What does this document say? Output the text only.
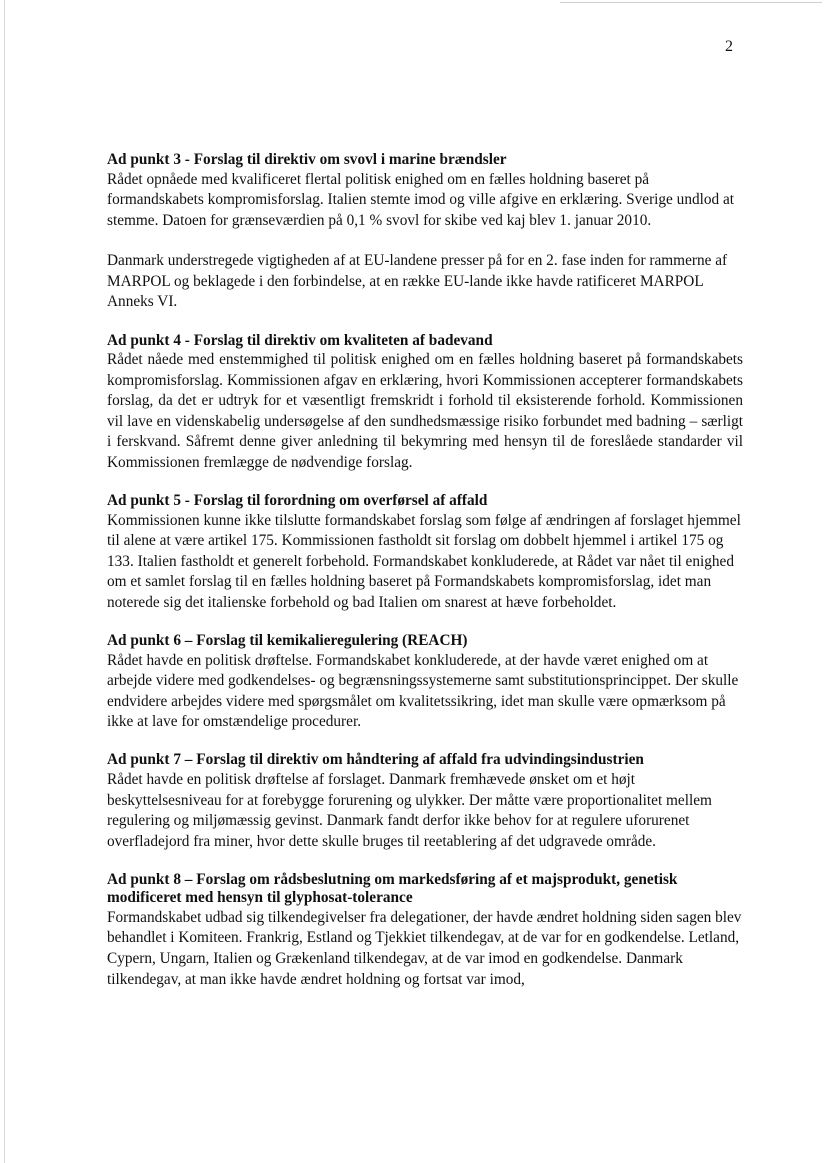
2

Ad punkt 3 - Forslag til direktiv om svovl i marine brændsler

Rådet opnåede med kvalificeret flertal politisk enighed om en fælles holdning baseret på formandskabets kompromisforslag. Italien stemte imod og ville afgive en erklæring. Sverige undlod at stemme. Datoen for grænseværdien på 0,1 % svovl for skibe ved kaj blev 1. januar 2010.

Danmark understregede vigtigheden af at EU-landene presser på for en 2. fase inden for rammerne af MARPOL og beklagede i den forbindelse, at en række EU-lande ikke havde ratificeret MARPOL Anneks VI.

Ad punkt 4 - Forslag til direktiv om kvaliteten af badevand

Rådet nåede med enstemmighed til politisk enighed om en fælles holdning baseret på formandskabets kompromisforslag. Kommissionen afgav en erklæring, hvori Kommissionen accepterer formandskabets forslag, da det er udtryk for et væsentligt fremskridt i forhold til eksisterende forhold. Kommissionen vil lave en videnskabelig undersøgelse af den sundhedsmæssige risiko forbundet med badning – særligt i ferskvand. Såfremt denne giver anledning til bekymring med hensyn til de foreslåede standarder vil Kommissionen fremlægge de nødvendige forslag.

Ad punkt 5 - Forslag til forordning om overførsel af affald

Kommissionen kunne ikke tilslutte formandskabet forslag som følge af ændringen af forslaget hjemmel til alene at være artikel 175. Kommissionen fastholdt sit forslag om dobbelt hjemmel i artikel 175 og 133. Italien fastholdt et generelt forbehold. Formandskabet konkluderede, at Rådet var nået til enighed om et samlet forslag til en fælles holdning baseret på Formandskabets kompromisforslag, idet man noterede sig det italienske forbehold og bad Italien om snarest at hæve forbeholdet.

Ad punkt 6 – Forslag til kemikalieregulering (REACH)

Rådet havde en politisk drøftelse. Formandskabet konkluderede, at der havde været enighed om at arbejde videre med godkendelses- og begrænsningssystemerne samt substitutionsprincippet. Der skulle endvidere arbejdes videre med spørgsmålet om kvalitetssikring, idet man skulle være opmærksom på ikke at lave for omstændelige procedurer.

Ad punkt 7 – Forslag til direktiv om håndtering af affald fra udvindingsindustrien

Rådet havde en politisk drøftelse af forslaget. Danmark fremhævede ønsket om et højt beskyttelsesniveau for at forebygge forurening og ulykker. Der måtte være proportionalitet mellem regulering og miljømæssig gevinst. Danmark fandt derfor ikke behov for at regulere uforurenet overfladejord fra miner, hvor dette skulle bruges til reetablering af det udgravede område.

Ad punkt 8 – Forslag om rådsbeslutning om markedsføring af et majsprodukt, genetisk modificeret med hensyn til glyphosat-tolerance

Formandskabet udbad sig tilkendegivelser fra delegationer, der havde ændret holdning siden sagen blev behandlet i Komiteen. Frankrig, Estland og Tjekkiet tilkendegav, at de var for en godkendelse. Letland, Cypern, Ungarn, Italien og Grækenland tilkendegav, at de var imod en godkendelse. Danmark tilkendegav, at man ikke havde ændret holdning og fortsat var imod,
